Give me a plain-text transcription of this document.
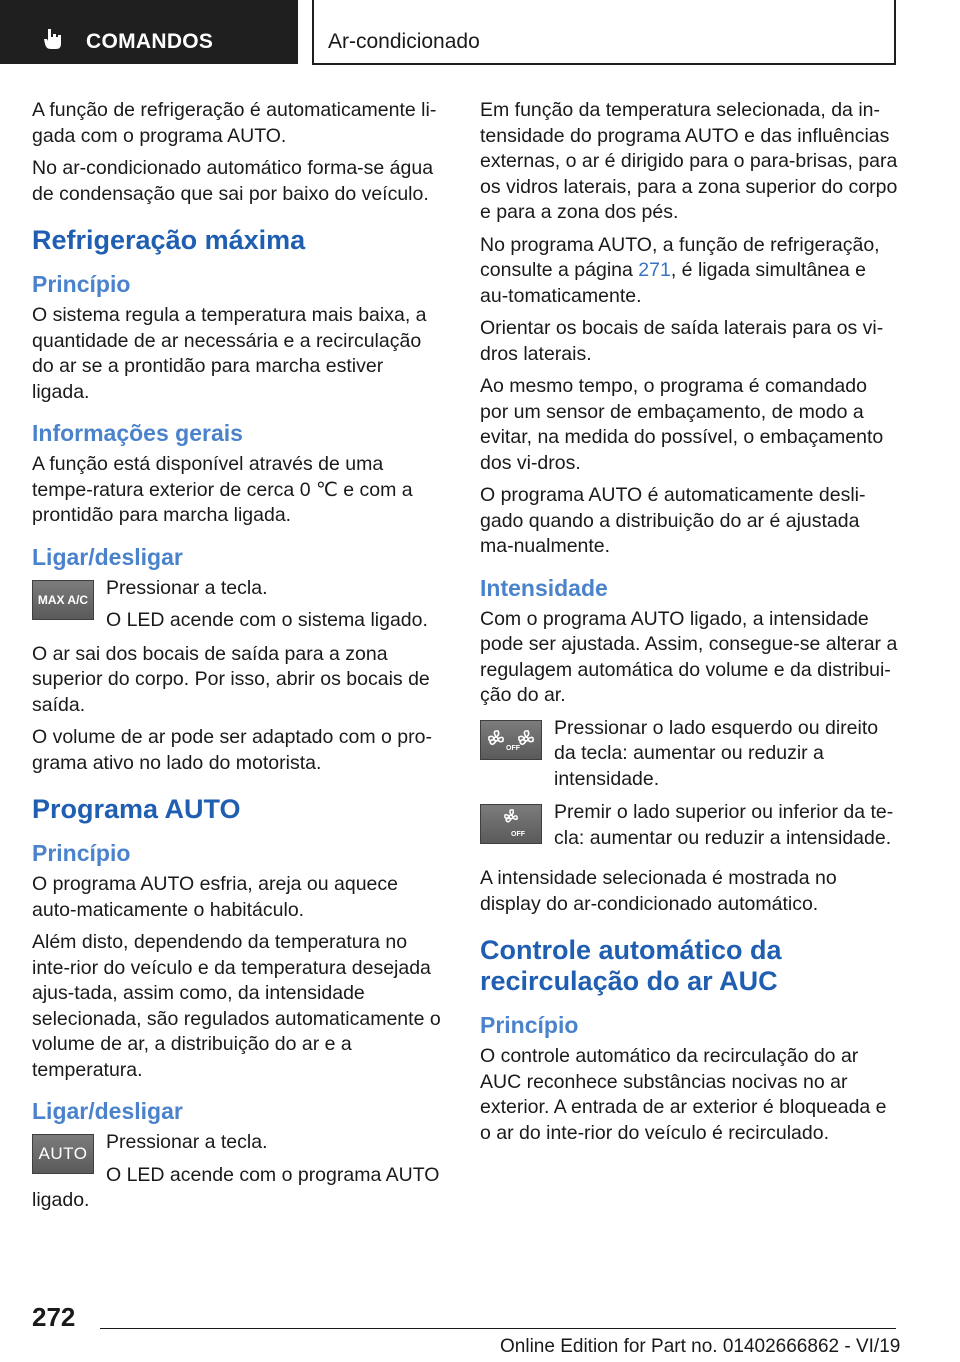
COMANDOS	Ar-condicionado

A função de refrigeração é automaticamente li-gada com o programa AUTO.

No ar-condicionado automático forma-se água de condensação que sai por baixo do veículo.

Refrigeração máxima
Princípio

O sistema regula a temperatura mais baixa, a quantidade de ar necessária e a recirculação do ar se a prontidão para marcha estiver ligada.

Informações gerais

A função está disponível através de uma tempe-ratura exterior de cerca 0 ℃ e com a prontidão para marcha ligada.

Ligar/desligar
MAX A/C

Pressionar a tecla.

O LED acende com o sistema ligado.

O ar sai dos bocais de saída para a zona superior do corpo. Por isso, abrir os bocais de saída.

O volume de ar pode ser adaptado com o pro-grama ativo no lado do motorista.

Programa AUTO
Princípio

O programa AUTO esfria, areja ou aquece auto-maticamente o habitáculo.

Além disto, dependendo da temperatura no inte-rior do veículo e da temperatura desejada ajus-tada, assim como, da intensidade selecionada, são regulados automaticamente o volume de ar, a distribuição do ar e a temperatura.

Ligar/desligar
AUTO

Pressionar a tecla.

O LED acende com o programa AUTO ligado.

Em função da temperatura selecionada, da in-tensidade do programa AUTO e das influências externas, o ar é dirigido para o para-brisas, para os vidros laterais, para a zona superior do corpo e para a zona dos pés.

No programa AUTO, a função de refrigeração, consulte a página 271, é ligada simultânea e au-tomaticamente.

Orientar os bocais de saída laterais para os vi-dros laterais.

Ao mesmo tempo, o programa é comandado por um sensor de embaçamento, de modo a evitar, na medida do possível, o embaçamento dos vi-dros.

O programa AUTO é automaticamente desli-gado quando a distribuição do ar é ajustada ma-nualmente.

Intensidade

Com o programa AUTO ligado, a intensidade pode ser ajustada. Assim, consegue-se alterar a regulagem automática do volume e da distribui-ção do ar.

OFF

Pressionar o lado esquerdo ou direito da tecla: aumentar ou reduzir a intensidade.

OFF

Premir o lado superior ou inferior da te-cla: aumentar ou reduzir a intensidade.

A intensidade selecionada é mostrada no display do ar-condicionado automático.

Controle automático da recirculação do ar AUC
Princípio

O controle automático da recirculação do ar AUC reconhece substâncias nocivas no ar exterior. A entrada de ar exterior é bloqueada e o ar do inte-rior do veículo é recirculado.

272
Online Edition for Part no. 01402666862 - VI/19
